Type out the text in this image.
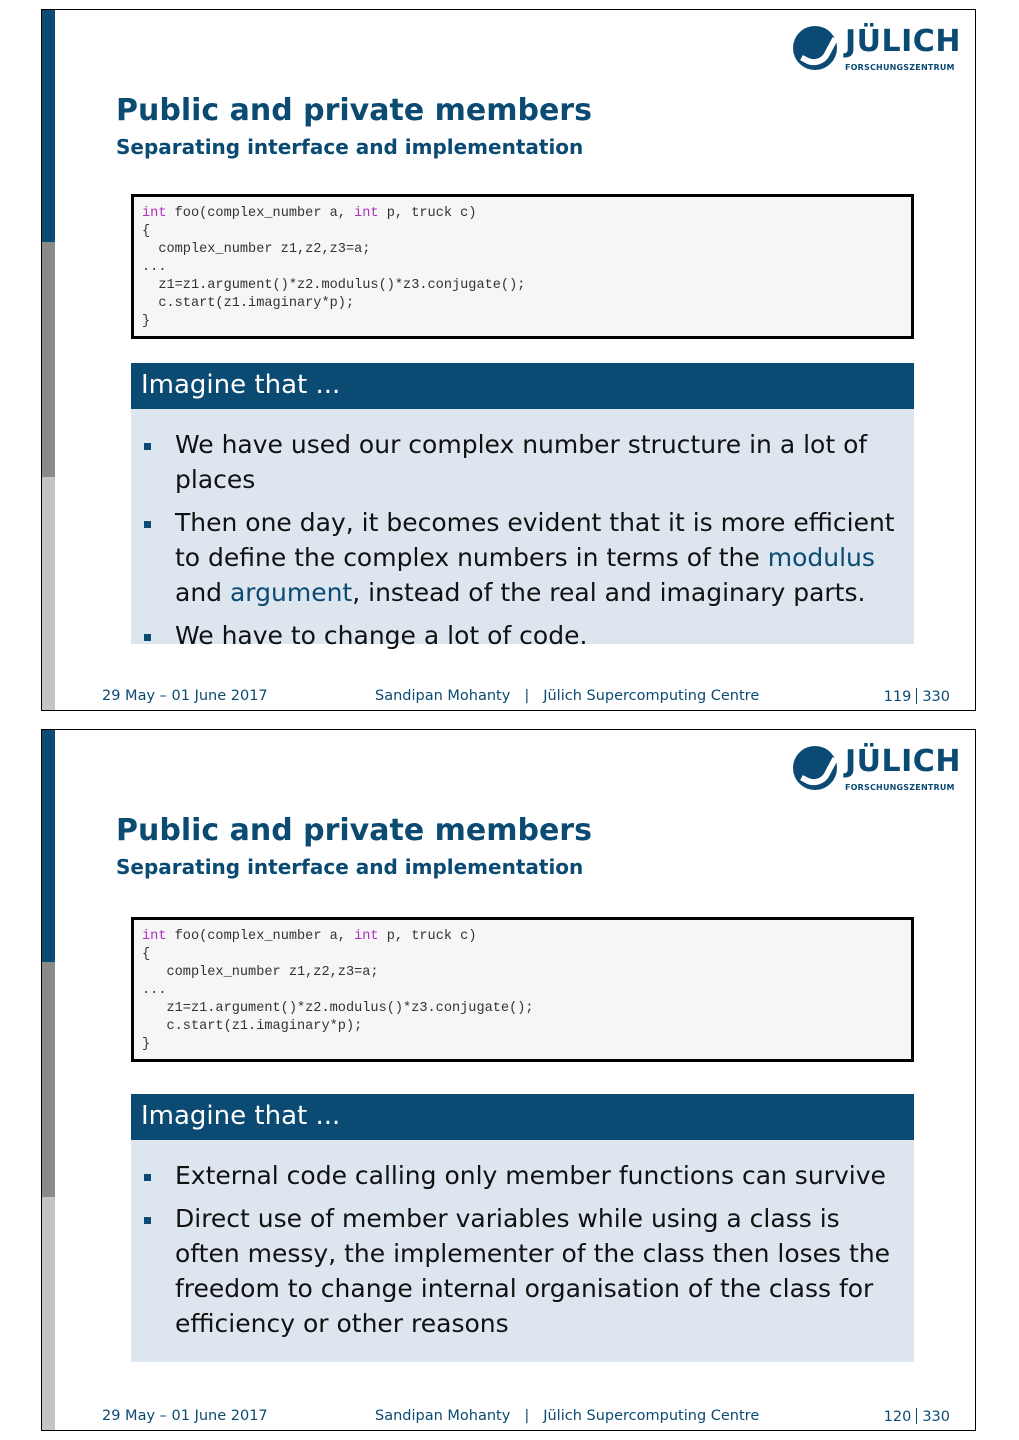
JÜLICH
FORSCHUNGSZENTRUM
Public and private members
Separating interface and implementation
int foo(complex_number a, int p, truck c)
{
complex_number z1,z2,z3=a;
...
z1=z1.argument()*z2.modulus()*z3.conjugate();
c.start(z1.imaginary*p);
}
Imagine that ...
We have used our complex number structure in a lot of places
Then one day, it becomes evident that it is more efficient to define the complex numbers in terms of the modulus and argument, instead of the real and imaginary parts.
We have to change a lot of code.
29 May – 01 June 2017	Sandipan Mohanty | Jülich Supercomputing Centre	119 330
JÜLICH
FORSCHUNGSZENTRUM
Public and private members
Separating interface and implementation
int foo(complex_number a, int p, truck c)
{
complex_number z1,z2,z3=a;
...
z1=z1.argument()*z2.modulus()*z3.conjugate();
c.start(z1.imaginary*p);
}
Imagine that ...
External code calling only member functions can survive
Direct use of member variables while using a class is often messy, the implementer of the class then loses the freedom to change internal organisation of the class for efficiency or other reasons
29 May – 01 June 2017	Sandipan Mohanty | Jülich Supercomputing Centre	120 330
